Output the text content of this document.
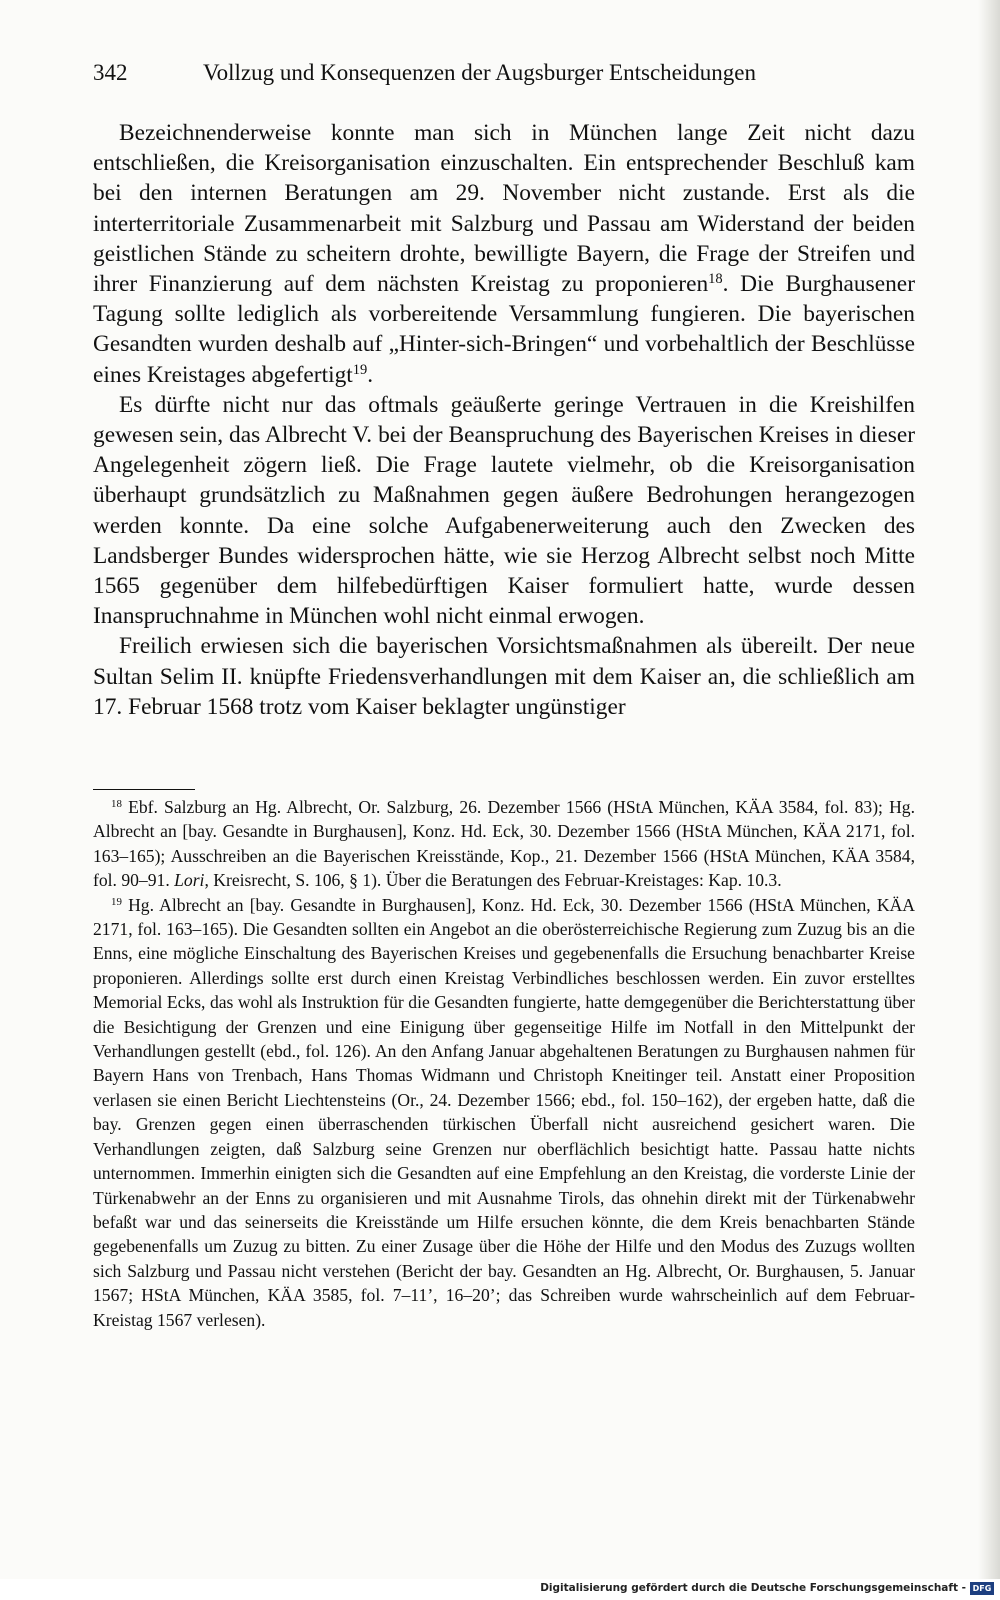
342	Vollzug und Konsequenzen der Augsburger Entscheidungen

Bezeichnenderweise konnte man sich in München lange Zeit nicht dazu entschließen, die Kreisorganisation einzuschalten. Ein entsprechender Beschluß kam bei den internen Beratungen am 29. November nicht zustande. Erst als die interterritoriale Zusammenarbeit mit Salzburg und Passau am Widerstand der beiden geistlichen Stände zu scheitern drohte, bewilligte Bayern, die Frage der Streifen und ihrer Finanzierung auf dem nächsten Kreistag zu proponieren$^{18}$. Die Burghausener Tagung sollte lediglich als vorbereitende Versammlung fungieren. Die bayerischen Gesandten wurden deshalb auf „Hinter-sich-Bringen“ und vorbehaltlich der Beschlüsse eines Kreistages abgefertigt$^{19}$.

Es dürfte nicht nur das oftmals geäußerte geringe Vertrauen in die Kreishilfen gewesen sein, das Albrecht V. bei der Beanspruchung des Bayerischen Kreises in dieser Angelegenheit zögern ließ. Die Frage lautete vielmehr, ob die Kreisorganisation überhaupt grundsätzlich zu Maßnahmen gegen äußere Bedrohungen herangezogen werden konnte. Da eine solche Aufgabenerweiterung auch den Zwecken des Landsberger Bundes widersprochen hätte, wie sie Herzog Albrecht selbst noch Mitte 1565 gegenüber dem hilfebedürftigen Kaiser formuliert hatte, wurde dessen Inanspruchnahme in München wohl nicht einmal erwogen.

Freilich erwiesen sich die bayerischen Vorsichtsmaßnahmen als übereilt. Der neue Sultan Selim II. knüpfte Friedensverhandlungen mit dem Kaiser an, die schließlich am 17. Februar 1568 trotz vom Kaiser beklagter ungünstiger

$^{18}$ Ebf. Salzburg an Hg. Albrecht, Or. Salzburg, 26. Dezember 1566 (HStA München, KÄA 3584, fol. 83); Hg. Albrecht an [bay. Gesandte in Burghausen], Konz. Hd. Eck, 30. Dezember 1566 (HStA München, KÄA 2171, fol. 163–165); Ausschreiben an die Bayerischen Kreisstände, Kop., 21. Dezember 1566 (HStA München, KÄA 3584, fol. 90–91. Lori, Kreisrecht, S. 106, § 1). Über die Beratungen des Februar-Kreistages: Kap. 10.3.

$^{19}$ Hg. Albrecht an [bay. Gesandte in Burghausen], Konz. Hd. Eck, 30. Dezember 1566 (HStA München, KÄA 2171, fol. 163–165). Die Gesandten sollten ein Angebot an die oberösterreichische Regierung zum Zuzug bis an die Enns, eine mögliche Einschaltung des Bayerischen Kreises und gegebenenfalls die Ersuchung benachbarter Kreise proponieren. Allerdings sollte erst durch einen Kreistag Verbindliches beschlossen werden. Ein zuvor erstelltes Memorial Ecks, das wohl als Instruktion für die Gesandten fungierte, hatte demgegenüber die Berichterstattung über die Besichtigung der Grenzen und eine Einigung über gegenseitige Hilfe im Notfall in den Mittelpunkt der Verhandlungen gestellt (ebd., fol. 126). An den Anfang Januar abgehaltenen Beratungen zu Burghausen nahmen für Bayern Hans von Trenbach, Hans Thomas Widmann und Christoph Kneitinger teil. Anstatt einer Proposition verlasen sie einen Bericht Liechtensteins (Or., 24. Dezember 1566; ebd., fol. 150–162), der ergeben hatte, daß die bay. Grenzen gegen einen überraschenden türkischen Überfall nicht ausreichend gesichert waren. Die Verhandlungen zeigten, daß Salzburg seine Grenzen nur oberflächlich besichtigt hatte. Passau hatte nichts unternommen. Immerhin einigten sich die Gesandten auf eine Empfehlung an den Kreistag, die vorderste Linie der Türkenabwehr an der Enns zu organisieren und mit Ausnahme Tirols, das ohnehin direkt mit der Türkenabwehr befaßt war und das seinerseits die Kreisstände um Hilfe ersuchen könnte, die dem Kreis benachbarten Stände gegebenenfalls um Zuzug zu bitten. Zu einer Zusage über die Höhe der Hilfe und den Modus des Zuzugs wollten sich Salzburg und Passau nicht verstehen (Bericht der bay. Gesandten an Hg. Albrecht, Or. Burghausen, 5. Januar 1567; HStA München, KÄA 3585, fol. 7–11’, 16–20’; das Schreiben wurde wahrscheinlich auf dem Februar-Kreistag 1567 verlesen).

Digitalisierung gefördert durch die Deutsche Forschungsgemeinschaft - DFG
